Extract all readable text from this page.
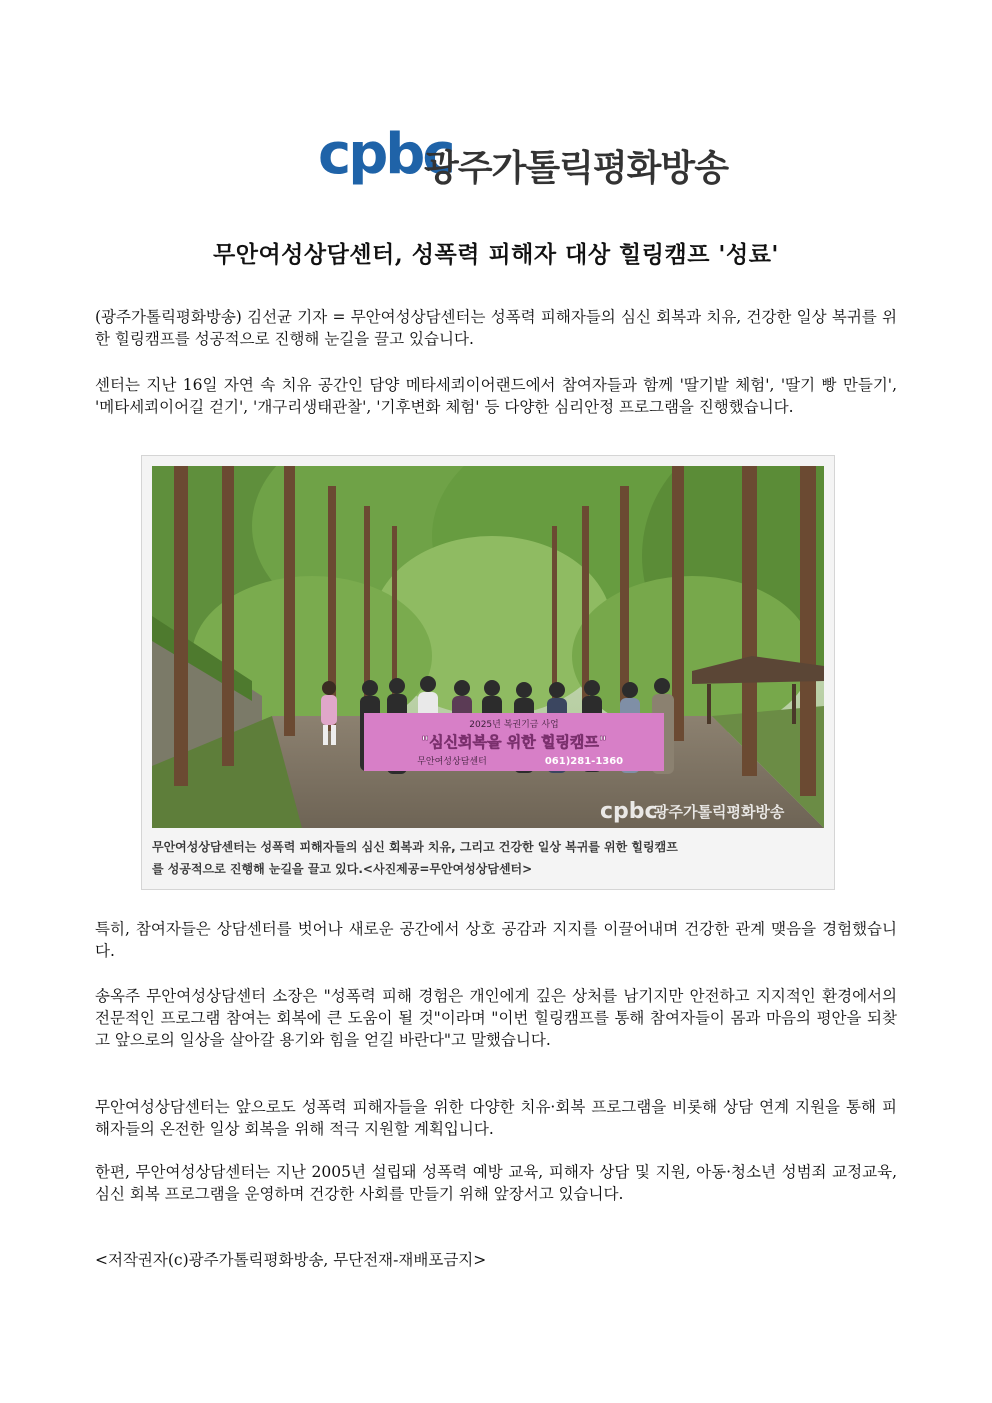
cpbc
광주가톨릭평화방송
무안여성상담센터, 성폭력 피해자 대상 힐링캠프 '성료'

(광주가톨릭평화방송) 김선균 기자 = 무안여성상담센터는 성폭력 피해자들의 심신 회복과 치유, 건강한 일상 복귀를 위한 힐링캠프를 성공적으로 진행해 눈길을 끌고 있습니다.

센터는 지난 16일 자연 속 치유 공간인 담양 메타세쾨이어랜드에서 참여자들과 함께 '딸기밭 체험', '딸기 빵 만들기', '메타세쾨이어길 걷기', '개구리생태관찰', '기후변화 체험' 등 다양한 심리안정 프로그램을 진행했습니다.

2025년 복권기금 사업
"심신회복을 위한 힐링캠프"
무안여성상담센터	061)281-1360
cpbc
광주가톨릭평화방송

무안여성상담센터는 성폭력 피해자들의 심신 회복과 치유, 그리고 건강한 일상 복귀를 위한 힐링캠프
를 성공적으로 진행해 눈길을 끌고 있다.<사진제공=무안여성상담센터>

특히, 참여자들은 상담센터를 벗어나 새로운 공간에서 상호 공감과 지지를 이끌어내며 건강한 관계 맺음을 경험했습니다.

송옥주 무안여성상담센터 소장은 "성폭력 피해 경험은 개인에게 깊은 상처를 남기지만 안전하고 지지적인 환경에서의 전문적인 프로그램 참여는 회복에 큰 도움이 될 것"이라며 "이번 힐링캠프를 통해 참여자들이 몸과 마음의 평안을 되찾고 앞으로의 일상을 살아갈 용기와 힘을 얻길 바란다"고 말했습니다.

무안여성상담센터는 앞으로도 성폭력 피해자들을 위한 다양한 치유·회복 프로그램을 비롯해 상담 연계 지원을 통해 피해자들의 온전한 일상 회복을 위해 적극 지원할 계획입니다.

한편, 무안여성상담센터는 지난 2005년 설립돼 성폭력 예방 교육, 피해자 상담 및 지원, 아동·청소년 성범죄 교정교육, 심신 회복 프로그램을 운영하며 건강한 사회를 만들기 위해 앞장서고 있습니다.

<저작권자(c)광주가톨릭평화방송, 무단전재-재배포금지>
